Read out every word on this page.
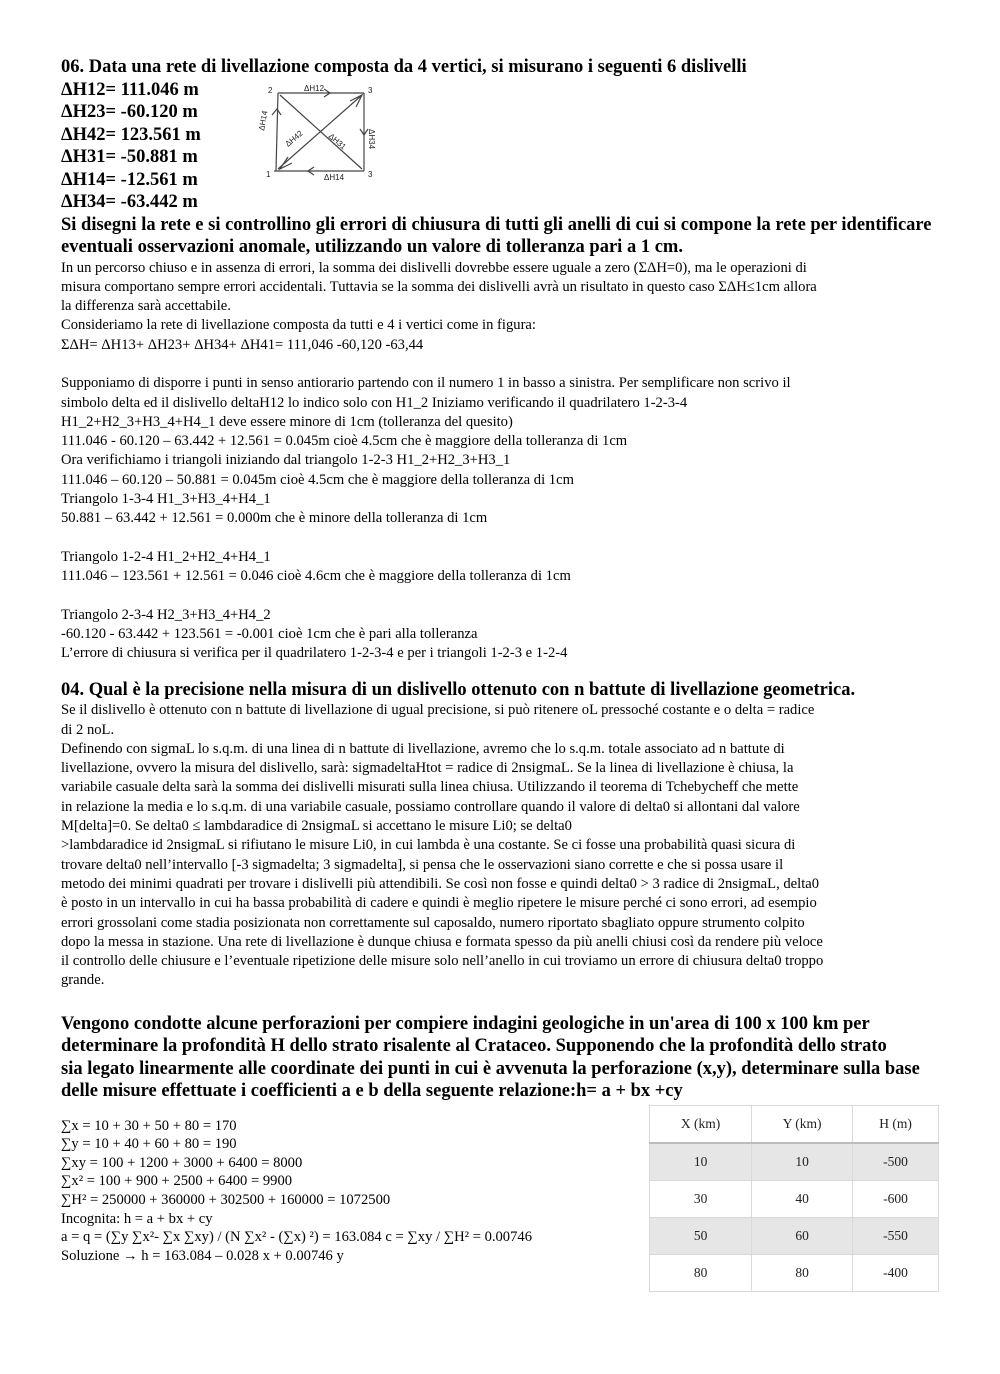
06. Data una rete di livellazione composta da 4 vertici, si misurano i seguenti 6 dislivelli

ΔH12= 111.046 m

ΔH23= -60.120 m

ΔH42= 123.561 m

ΔH31= -50.881 m

ΔH14= -12.561 m

ΔH34= -63.442 m

ΔH12
ΔH34
ΔH14
ΔH14
ΔH42	ΔH31
2	3
1	3

Si disegni la rete e si controllino gli errori di chiusura di tutti gli anelli di cui si compone la rete per identificare eventuali osservazioni anomale, utilizzando un valore di tolleranza pari a 1 cm.

In un percorso chiuso e in assenza di errori, la somma dei dislivelli dovrebbe essere uguale a zero (ΣΔH=0), ma le operazioni di

misura comportano sempre errori accidentali. Tuttavia se la somma dei dislivelli avrà un risultato in questo caso ΣΔH≤1cm allora

la differenza sarà accettabile.

Consideriamo la rete di livellazione composta da tutti e 4 i vertici come in figura:

ΣΔH= ΔH13+ ΔH23+ ΔH34+ ΔH41= 111,046 -60,120 -63,44

Supponiamo di disporre i punti in senso antiorario partendo con il numero 1 in basso a sinistra. Per semplificare non scrivo il

simbolo delta ed il dislivello deltaH12 lo indico solo con H1_2 Iniziamo verificando il quadrilatero 1-2-3-4

H1_2+H2_3+H3_4+H4_1 deve essere minore di 1cm (tolleranza del quesito)

111.046 - 60.120 – 63.442 + 12.561 = 0.045m cioè 4.5cm che è maggiore della tolleranza di 1cm

Ora verifichiamo i triangoli iniziando dal triangolo 1-2-3 H1_2+H2_3+H3_1

111.046 – 60.120 – 50.881 = 0.045m cioè 4.5cm che è maggiore della tolleranza di 1cm

Triangolo 1-3-4 H1_3+H3_4+H4_1

50.881 – 63.442 + 12.561 = 0.000m che è minore della tolleranza di 1cm

Triangolo 1-2-4 H1_2+H2_4+H4_1

111.046 – 123.561 + 12.561 = 0.046 cioè 4.6cm che è maggiore della tolleranza di 1cm

Triangolo 2-3-4 H2_3+H3_4+H4_2

-60.120 - 63.442 + 123.561 = -0.001 cioè 1cm che è pari alla tolleranza

L’errore di chiusura si verifica per il quadrilatero 1-2-3-4 e per i triangoli 1-2-3 e 1-2-4

04. Qual è la precisione nella misura di un dislivello ottenuto con n battute di livellazione geometrica.

Se il dislivello è ottenuto con n battute di livellazione di ugual precisione, si può ritenere oL pressoché costante e o delta = radice

di 2 noL.

Definendo con sigmaL lo s.q.m. di una linea di n battute di livellazione, avremo che lo s.q.m. totale associato ad n battute di

livellazione, ovvero la misura del dislivello, sarà: sigmadeltaHtot = radice di 2nsigmaL. Se la linea di livellazione è chiusa, la

variabile casuale delta sarà la somma dei dislivelli misurati sulla linea chiusa. Utilizzando il teorema di Tchebycheff che mette

in relazione la media e lo s.q.m. di una variabile casuale, possiamo controllare quando il valore di delta0 si allontani dal valore

M[delta]=0. Se delta0 ≤ lambdaradice di 2nsigmaL si accettano le misure Li0; se delta0

>lambdaradice id 2nsigmaL si rifiutano le misure Li0, in cui lambda è una costante. Se ci fosse una probabilità quasi sicura di

trovare delta0 nell’intervallo [-3 sigmadelta; 3 sigmadelta], si pensa che le osservazioni siano corrette e che si possa usare il

metodo dei minimi quadrati per trovare i dislivelli più attendibili. Se così non fosse e quindi delta0 > 3 radice di 2nsigmaL, delta0

è posto in un intervallo in cui ha bassa probabilità di cadere e quindi è meglio ripetere le misure perché ci sono errori, ad esempio

errori grossolani come stadia posizionata non correttamente sul caposaldo, numero riportato sbagliato oppure strumento colpito

dopo la messa in stazione. Una rete di livellazione è dunque chiusa e formata spesso da più anelli chiusi così da rendere più veloce

il controllo delle chiusure e l’eventuale ripetizione delle misure solo nell’anello in cui troviamo un errore di chiusura delta0 troppo

grande.

Vengono condotte alcune perforazioni per compiere indagini geologiche in un'area di 100 x 100 km per

determinare la profondità H dello strato risalente al Crataceo. Supponendo che la profondità dello strato

sia legato linearmente alle coordinate dei punti in cui è avvenuta la perforazione (x,y), determinare sulla base

delle misure effettuate i coefficienti a e b della seguente relazione:h= a + bx +cy

∑x = 10 + 30 + 50 + 80 = 170

∑y = 10 + 40 + 60 + 80 = 190

∑xy = 100 + 1200 + 3000 + 6400 = 8000

∑x² = 100 + 900 + 2500 + 6400 = 9900

∑H² = 250000 + 360000 + 302500 + 160000 = 1072500

Incognita: h = a + bx + cy

a = q = (∑y ∑x²- ∑x ∑xy) / (N ∑x² - (∑x) ²) = 163.084 c = ∑xy / ∑H² = 0.00746

Soluzione → h = 163.084 – 0.028 x + 0.00746 y

X (km)	Y (km)	H (m)
10	10	-500
30	40	-600
50	60	-550
80	80	-400
